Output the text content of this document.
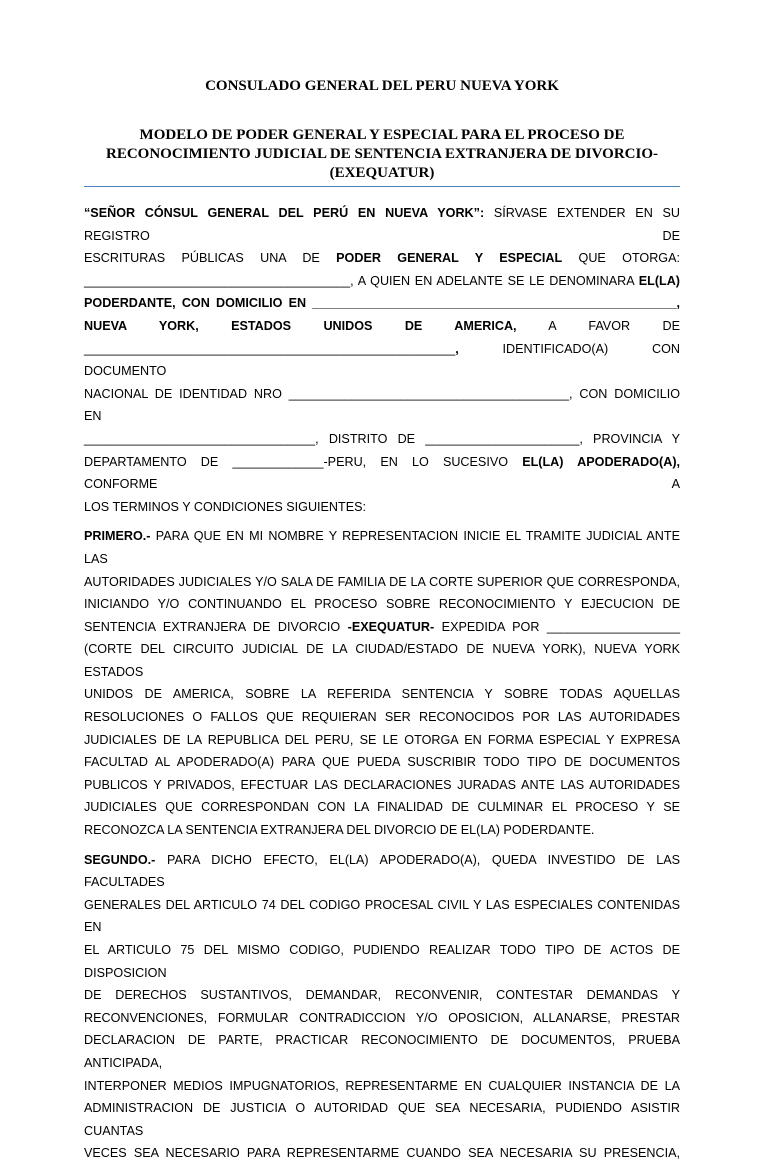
CONSULADO GENERAL DEL PERU NUEVA YORK

MODELO DE PODER GENERAL Y ESPECIAL PARA EL PROCESO DE
RECONOCIMIENTO JUDICIAL DE SENTENCIA EXTRANJERA DE DIVORCIO-
(EXEQUATUR)
“SEÑOR CÓNSUL GENERAL DEL PERÚ EN NUEVA YORK”: SÍRVASE EXTENDER EN SU REGISTRO DE
ESCRITURAS PÚBLICAS UNA DE PODER GENERAL Y ESPECIAL QUE OTORGA:
______________________________________, A QUIEN EN ADELANTE SE LE DENOMINARA EL(LA)
PODERDANTE, CON DOMICILIO EN ____________________________________________________,
NUEVA YORK, ESTADOS UNIDOS DE AMERICA,	A FAVOR DE
_____________________________________________________,	IDENTIFICADO(A) CON DOCUMENTO
NACIONAL DE IDENTIDAD NRO ________________________________________, CON DOMICILIO EN
_________________________________, DISTRITO DE ______________________, PROVINCIA Y
DEPARTAMENTO DE _____________-PERU, EN LO SUCESIVO EL(LA) APODERADO(A), CONFORME A
LOS TERMINOS Y CONDICIONES SIGUIENTES:
PRIMERO.- PARA QUE EN MI NOMBRE Y REPRESENTACION INICIE EL TRAMITE JUDICIAL ANTE LAS
AUTORIDADES JUDICIALES Y/O SALA DE FAMILIA DE LA CORTE SUPERIOR QUE CORRESPONDA,
INICIANDO Y/O CONTINUANDO EL PROCESO SOBRE RECONOCIMIENTO Y EJECUCION DE
SENTENCIA EXTRANJERA DE DIVORCIO -EXEQUATUR- EXPEDIDA POR ___________________
(CORTE DEL CIRCUITO JUDICIAL DE LA CIUDAD/ESTADO DE NUEVA YORK), NUEVA YORK ESTADOS
UNIDOS DE AMERICA, SOBRE LA REFERIDA SENTENCIA Y SOBRE TODAS AQUELLAS
RESOLUCIONES O FALLOS QUE REQUIERAN SER RECONOCIDOS POR LAS AUTORIDADES
JUDICIALES DE LA REPUBLICA DEL PERU, SE LE OTORGA EN FORMA ESPECIAL Y EXPRESA
FACULTAD AL APODERADO(A) PARA QUE PUEDA SUSCRIBIR TODO TIPO DE DOCUMENTOS
PUBLICOS Y PRIVADOS, EFECTUAR LAS DECLARACIONES JURADAS ANTE LAS AUTORIDADES
JUDICIALES QUE CORRESPONDAN CON LA FINALIDAD DE CULMINAR EL PROCESO Y SE
RECONOZCA LA SENTENCIA EXTRANJERA DEL DIVORCIO DE EL(LA) PODERDANTE.
SEGUNDO.- PARA DICHO EFECTO, EL(LA) APODERADO(A), QUEDA INVESTIDO DE LAS FACULTADES
GENERALES DEL ARTICULO 74 DEL CODIGO PROCESAL CIVIL Y LAS ESPECIALES CONTENIDAS EN
EL ARTICULO 75 DEL MISMO CODIGO, PUDIENDO REALIZAR TODO TIPO DE ACTOS DE DISPOSICION
DE DERECHOS SUSTANTIVOS, DEMANDAR, RECONVENIR, CONTESTAR DEMANDAS Y
RECONVENCIONES, FORMULAR CONTRADICCION Y/O OPOSICION, ALLANARSE, PRESTAR
DECLARACION DE PARTE, PRACTICAR RECONOCIMIENTO DE DOCUMENTOS, PRUEBA ANTICIPADA,
INTERPONER MEDIOS IMPUGNATORIOS, REPRESENTARME EN CUALQUIER INSTANCIA DE LA
ADMINISTRACION DE JUSTICIA O AUTORIDAD QUE SEA NECESARIA, PUDIENDO ASISTIR CUANTAS
VECES SEA NECESARIO PARA REPRESENTARME CUANDO SEA NECESARIA SU PRESENCIA,
